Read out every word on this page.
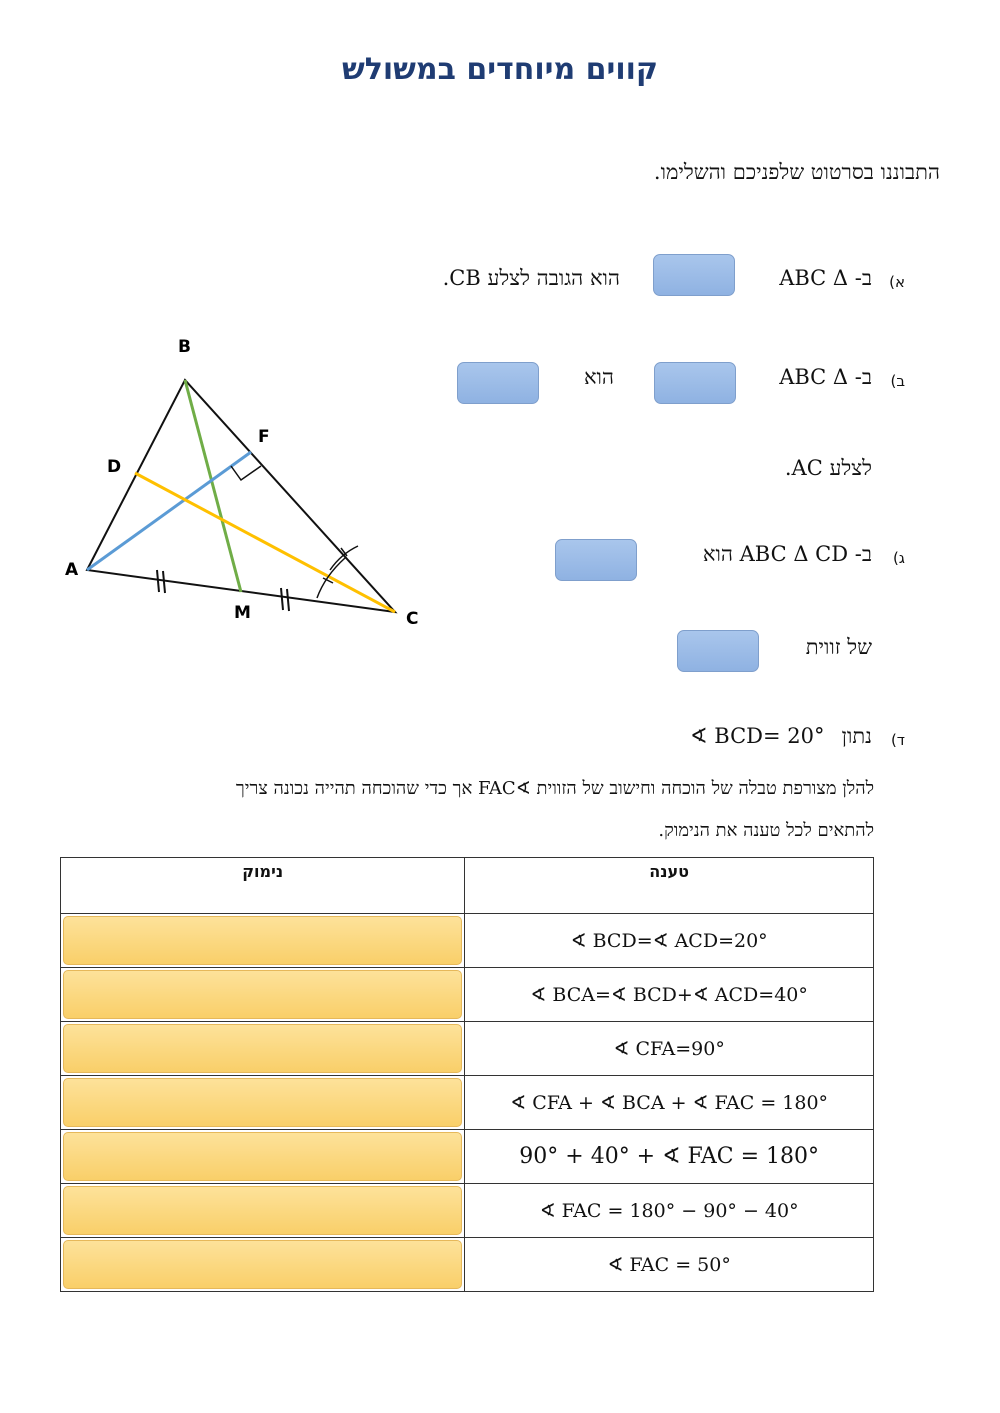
קווים מיוחדים במשולש
התבוננו בסרטוט שלפניכם והשלימו.
א)
ב- ABC Δ
הוא הגובה לצלע CB.
ב)
ב- ABC Δ
הוא
לצלע AC.
ג)
ב- ABC Δ CD הוא
של זווית
ד)
נתון
∢ BCD= 20°
להלן מצורפת טבלה של הוכחה וחישוב של הזווית ∢FAC אך כדי שהוכחה תהייה נכונה צריך
להתאים לכל טענה את הנימוק.
B
F
D
A
M	C
נימוק	טענה

	∢ BCD=∢ ACD=20°

	∢ BCA=∢ BCD+∢ ACD=40°

	∢ CFA=90°

	∢ CFA + ∢ BCA + ∢ FAC = 180°

	90° + 40° + ∢ FAC = 180°

	∢ FAC = 180° − 90° − 40°

	∢ FAC = 50°
